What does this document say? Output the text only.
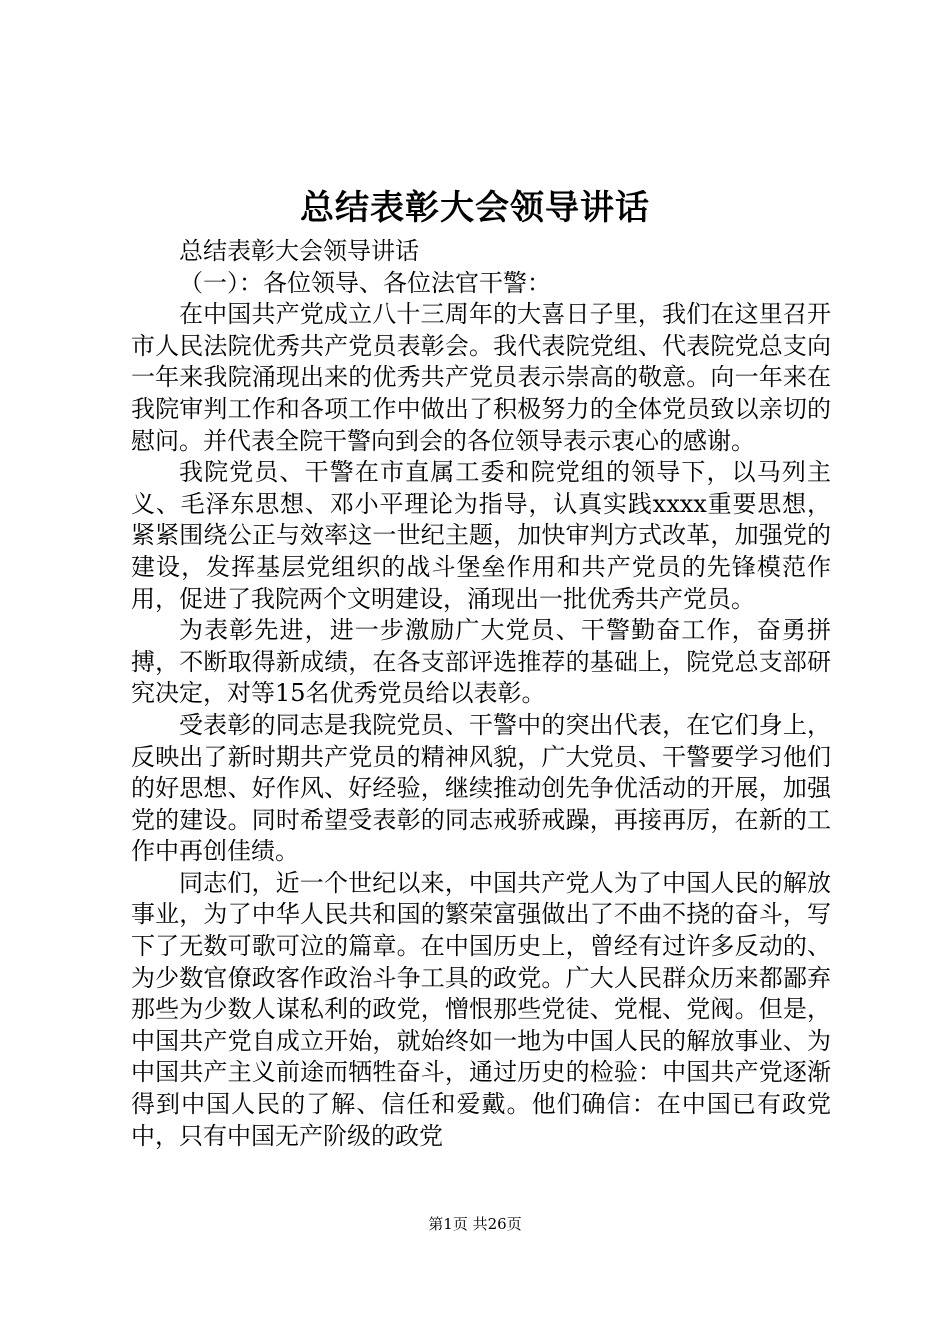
总结表彰大会领导讲话

总结表彰大会领导讲话

（一）：各位领导、各位法官干警：

在中国共产党成立八十三周年的大喜日子里，我们在这里召开市人民法院优秀共产党员表彰会。我代表院党组、代表院党总支向一年来我院涌现出来的优秀共产党员表示崇高的敬意。向一年来在我院审判工作和各项工作中做出了积极努力的全体党员致以亲切的慰问。并代表全院干警向到会的各位领导表示衷心的感谢。

我院党员、干警在市直属工委和院党组的领导下，以马列主义、毛泽东思想、邓小平理论为指导，认真实践xxxx重要思想，紧紧围绕公正与效率这一世纪主题，加快审判方式改革，加强党的建设，发挥基层党组织的战斗堡垒作用和共产党员的先锋模范作用，促进了我院两个文明建设，涌现出一批优秀共产党员。

为表彰先进，进一步激励广大党员、干警勤奋工作，奋勇拼搏，不断取得新成绩，在各支部评选推荐的基础上，院党总支部研究决定，对等15名优秀党员给以表彰。

受表彰的同志是我院党员、干警中的突出代表，在它们身上，反映出了新时期共产党员的精神风貌，广大党员、干警要学习他们的好思想、好作风、好经验，继续推动创先争优活动的开展，加强党的建设。同时希望受表彰的同志戒骄戒躁，再接再厉，在新的工作中再创佳绩。

同志们，近一个世纪以来，中国共产党人为了中国人民的解放事业，为了中华人民共和国的繁荣富强做出了不曲不挠的奋斗，写下了无数可歌可泣的篇章。在中国历史上，曾经有过许多反动的、为少数官僚政客作政治斗争工具的政党。广大人民群众历来都鄙弃那些为少数人谋私利的政党，憎恨那些党徒、党棍、党阀。但是，中国共产党自成立开始，就始终如一地为中国人民的解放事业、为中国共产主义前途而牺牲奋斗，通过历史的检验：中国共产党逐渐得到中国人民的了解、信任和爱戴。他们确信：在中国已有政党中，只有中国无产阶级的政党

第1页 共26页
